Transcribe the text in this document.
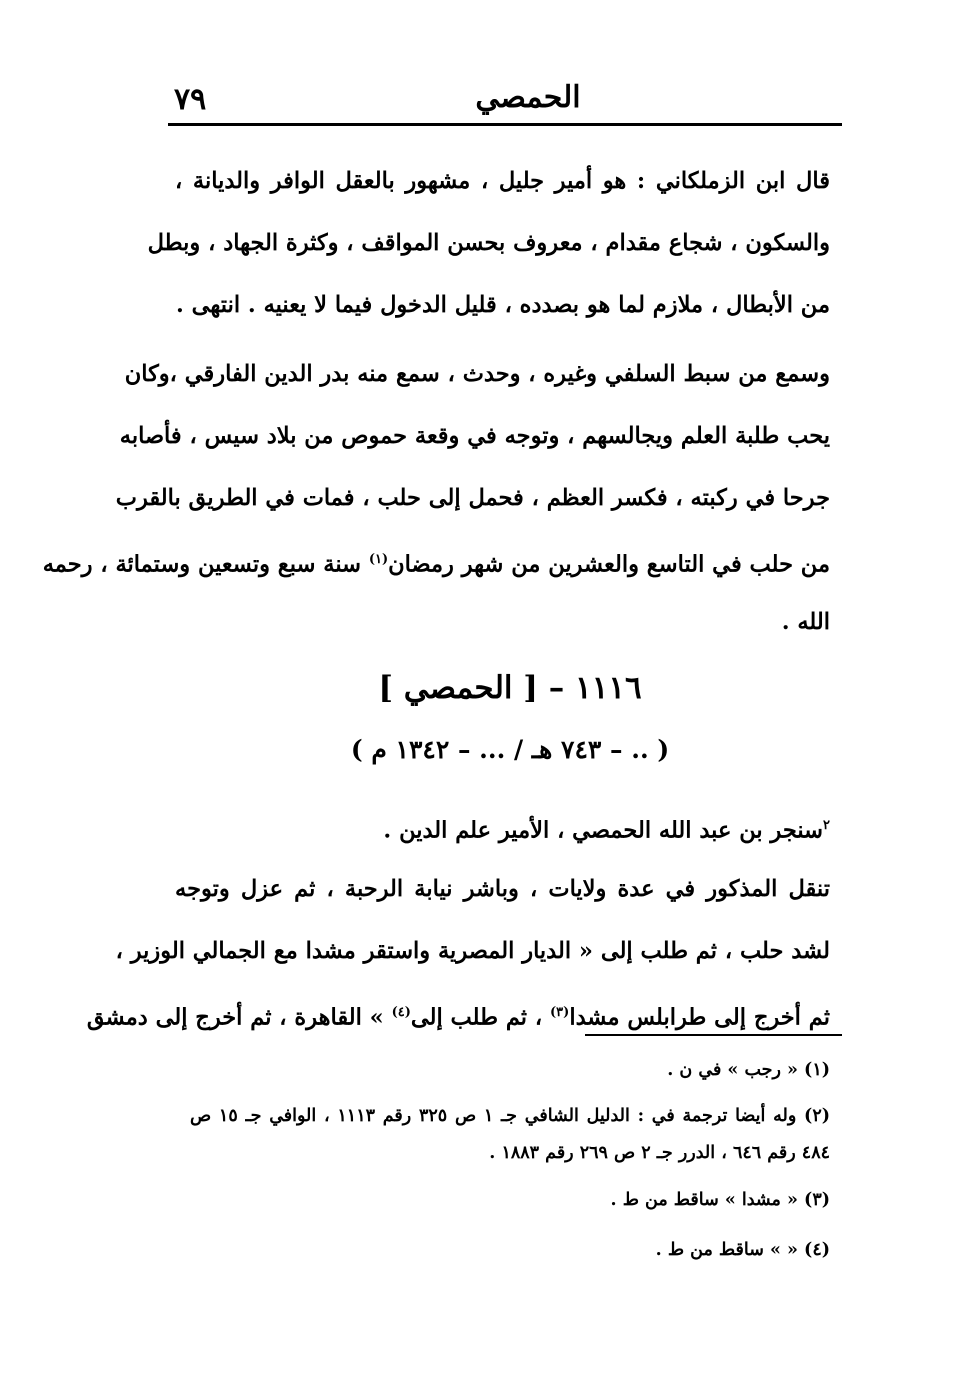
٧٩	الحمصي
قال ابن الزملكاني : هو أمير جليل ، مشهور بالعقل الوافر والديانة ،
والسكون ، شجاع مقدام ، معروف بحسن المواقف ، وكثرة الجهاد ، وبطل
من الأبطال ، ملازم لما هو بصدده ، قليل الدخول فيما لا يعنيه . انتهى .
وسمع من سبط السلفي وغيره ، وحدث ، سمع منه بدر الدين الفارقي ،وكان
يحب طلبة العلم ويجالسهم ، وتوجه في وقعة حموص من بلاد سيس ، فأصابه
جرحا في ركبته ، فكسر العظم ، فحمل إلى حلب ، فمات في الطريق بالقرب
من حلب في التاسع والعشرين من شهر رمضان$^{(١)}$ سنة سبع وتسعين وستمائة ، رحمه
الله .
١١١٦ – [ الحمصي ]
( .. – ٧٤٣ هـ / ... – ١٣٤٢ م )
$^٢$سنجر بن عبد الله الحمصي ، الأمير علم الدين .
تنقل المذكور في عدة ولايات ، وباشر نيابة الرحبة ، ثم عزل وتوجه
لشد حلب ، ثم طلب إلى « الديار المصرية واستقر مشدا مع الجمالي الوزير ،
ثم أخرج إلى طرابلس مشدا$^{(٣)}$ ، ثم طلب إلى$^{(٤)}$ » القاهرة ، ثم أخرج إلى دمشق
(١) « رجب » في ن .
(٢) وله أيضا ترجمة في : الدليل الشافي جـ ١ ص ٣٢٥ رقم ١١١٣ ، الوافي جـ ١٥ ص
٤٨٤ رقم ٦٤٦ ، الدرر جـ ٢ ص ٢٦٩ رقم ١٨٨٣ .
(٣) « مشدا » ساقط من ط .
(٤) « » ساقط من ط .
